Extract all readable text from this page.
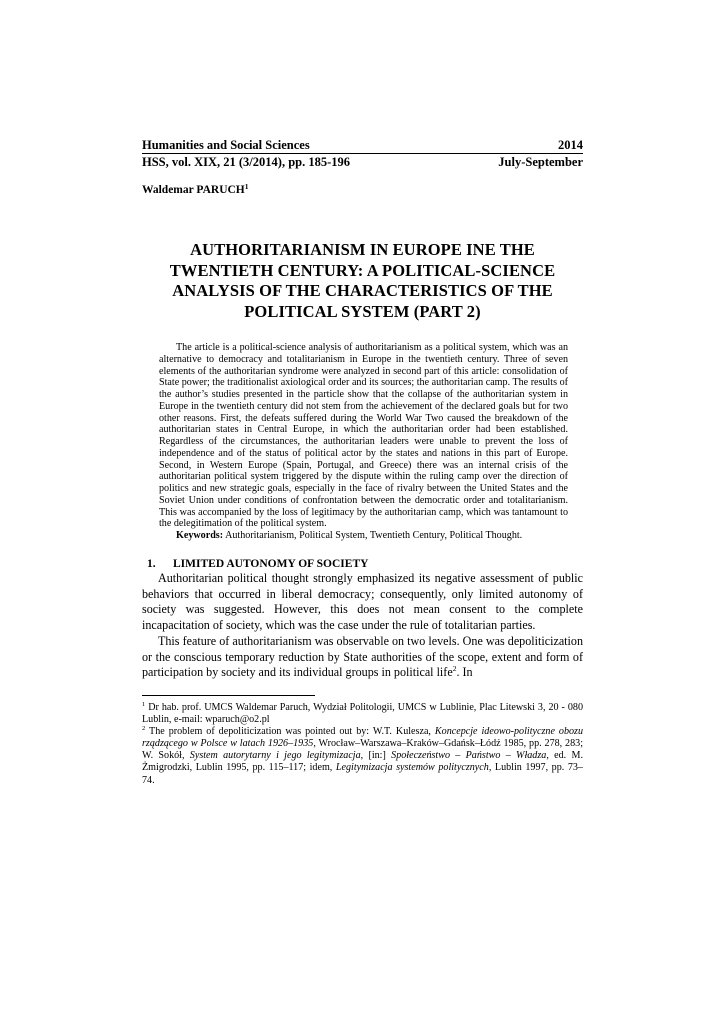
Humanities and Social Sciences	2014
HSS, vol. XIX, 21 (3/2014), pp. 185-196	July-September
Waldemar PARUCH$^1$
AUTHORITARIANISM IN EUROPE INE THE
TWENTIETH CENTURY: A POLITICAL-SCIENCE
ANALYSIS OF THE CHARACTERISTICS OF THE
POLITICAL SYSTEM (PART 2)

The article is a political-science analysis of authoritarianism as a political system, which was an alternative to democracy and totalitarianism in Europe in the twentieth century. Three of seven elements of the authoritarian syndrome were analyzed in second part of this article: consolidation of State power; the traditionalist axiological order and its sources; the authoritarian camp. The results of the author’s studies presented in the particle show that the collapse of the authoritarian system in Europe in the twentieth century did not stem from the achievement of the declared goals but for two other reasons. First, the defeats suffered during the World War Two caused the breakdown of the authoritarian states in Central Europe, in which the authoritarian order had been established. Regardless of the circumstances, the authoritarian leaders were unable to prevent the loss of independence and of the status of political actor by the states and nations in this part of Europe. Second, in Western Europe (Spain, Portugal, and Greece) there was an internal crisis of the authoritarian political system triggered by the dispute within the ruling camp over the direction of politics and new strategic goals, especially in the face of rivalry between the United States and the Soviet Union under conditions of confrontation between the democratic order and totalitarianism. This was accompanied by the loss of legitimacy by the authoritarian camp, which was tantamount to the delegitimation of the political system.

Keywords: Authoritarianism, Political System, Twentieth Century, Political Thought.

1.	LIMITED AUTONOMY OF SOCIETY

Authoritarian political thought strongly emphasized its negative assessment of public behaviors that occurred in liberal democracy; consequently, only limited autonomy of society was suggested. However, this does not mean consent to the complete incapacitation of society, which was the case under the rule of totalitarian parties.

This feature of authoritarianism was observable on two levels. One was depoliticization or the conscious temporary reduction by State authorities of the scope, extent and form of participation by society and its individual groups in political life$^2$. In

$^1$ Dr hab. prof. UMCS Waldemar Paruch, Wydział Politologii, UMCS w Lublinie, Plac Litewski 3, 20 - 080 Lublin, e-mail: wparuch@o2.pl

$^2$ The problem of depoliticization was pointed out by: W.T. Kulesza, Koncepcje ideowo-polityczne obozu rządzącego w Polsce w latach 1926–1935, Wrocław–Warszawa–Kraków–Gdańsk–Łódź 1985, pp. 278, 283; W. Sokół, System autorytarny i jego legitymizacja, [in:] Społeczeństwo – Państwo – Władza, ed. M. Żmigrodzki, Lublin 1995, pp. 115–117; idem, Legitymizacja systemów politycznych, Lublin 1997, pp. 73–74.
